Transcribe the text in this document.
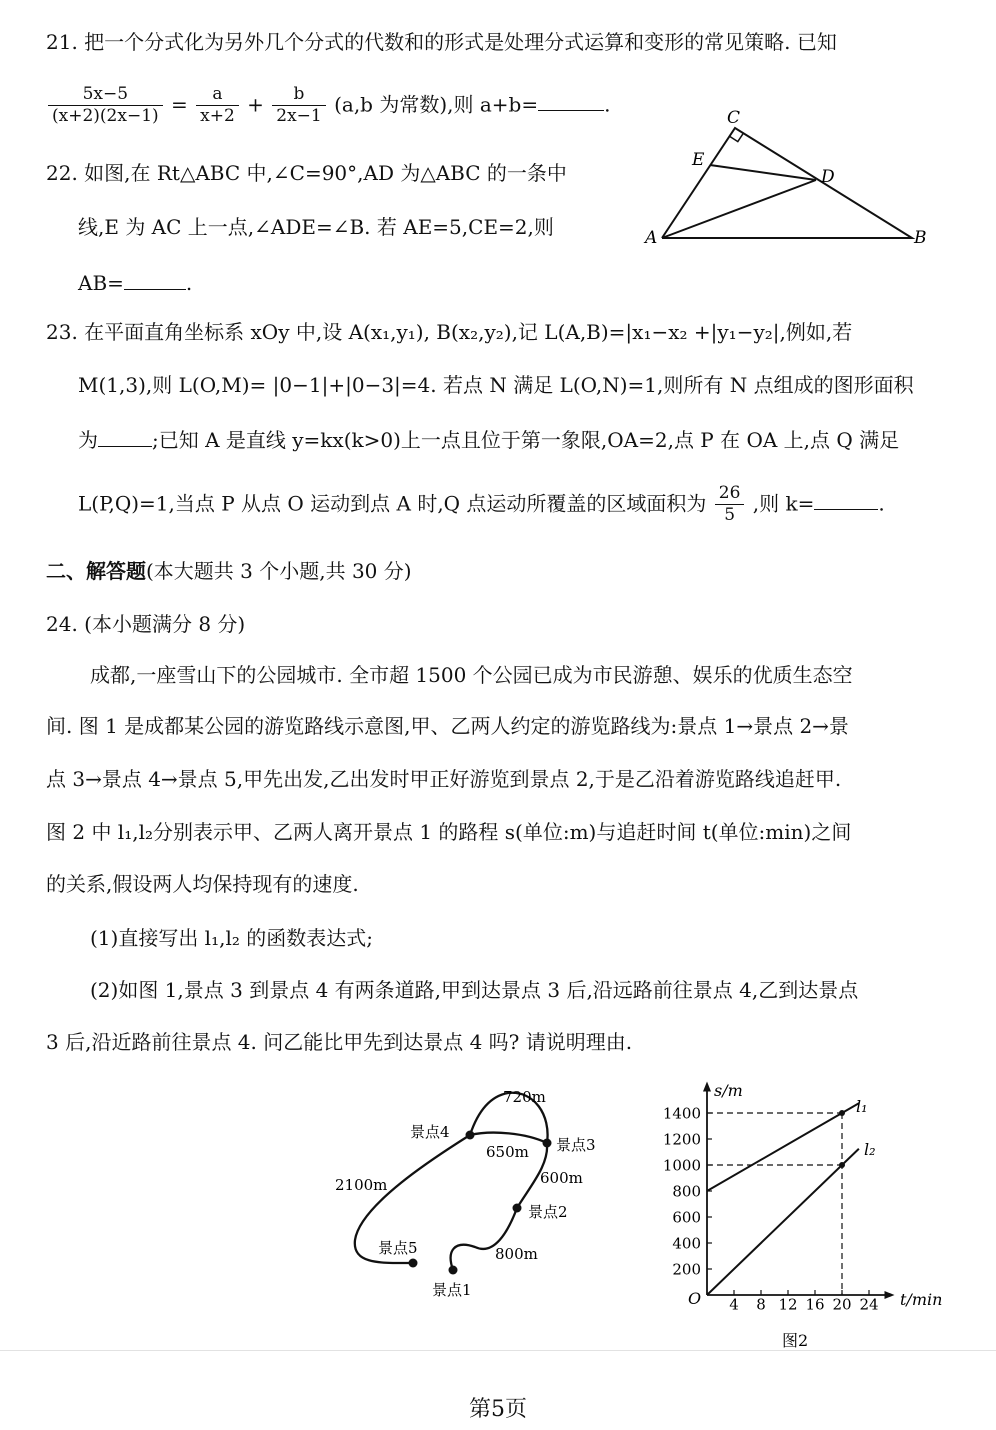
21. 把一个分式化为另外几个分式的代数和的形式是处理分式运算和变形的常见策略. 已知
$\frac{5x-5}{(x+2)(2x-1)} = \frac{a}{x+2} + \frac{b}{2x-1} (a,b$ 为常数),则 a+b=	.
22. 如图,在 Rt△ABC 中,∠C=90°,AD 为△ABC 的一条中
线,E 为 AC 上一点,∠ADE=∠B. 若 AE=5,CE=2,则
AB=	.
C
E
D
A	B
23. 在平面直角坐标系 xOy 中,设 A(x₁,y₁), B(x₂,y₂),记 L(A,B)=|x₁−x₂ +|y₁−y₂|,例如,若
M(1,3),则 L(O,M)= |0−1|+|0−3|=4. 若点 N 满足 L(O,N)=1,则所有 N 点组成的图形面积
为	;已知 A 是直线 y=kx(k>0)上一点且位于第一象限,OA=2,点 P 在 OA 上,点 Q 满足
L(P,Q)=1,当点 P 从点 O 运动到点 A 时,Q 点运动所覆盖的区域面积为 $\frac{26}{5}$ ,则 k=	.
二、解答题(本大题共 3 个小题,共 30 分)
24. (本小题满分 8 分)
成都,一座雪山下的公园城市. 全市超 1500 个公园已成为市民游憩、娱乐的优质生态空
间. 图 1 是成都某公园的游览路线示意图,甲、乙两人约定的游览路线为:景点 1→景点 2→景
点 3→景点 4→景点 5,甲先出发,乙出发时甲正好游览到景点 2,于是乙沿着游览路线追赶甲.
图 2 中 l₁,l₂分别表示甲、乙两人离开景点 1 的路程 s(单位:m)与追赶时间 t(单位:min)之间
的关系,假设两人均保持现有的速度.
(1)直接写出 l₁,l₂ 的函数表达式;
(2)如图 1,景点 3 到景点 4 有两条道路,甲到达景点 3 后,沿远路前往景点 4,乙到达景点
3 后,沿近路前往景点 4. 问乙能比甲先到达景点 4 吗? 请说明理由.
景点1
景点2
景点3
景点4
景点5	800m
600m
650m
720m
2100m
4 8 12 16 20 24
200
400
600
800
1000
1200
1400
s/m
t/min
O
l₁
l₂
图2
第5页
